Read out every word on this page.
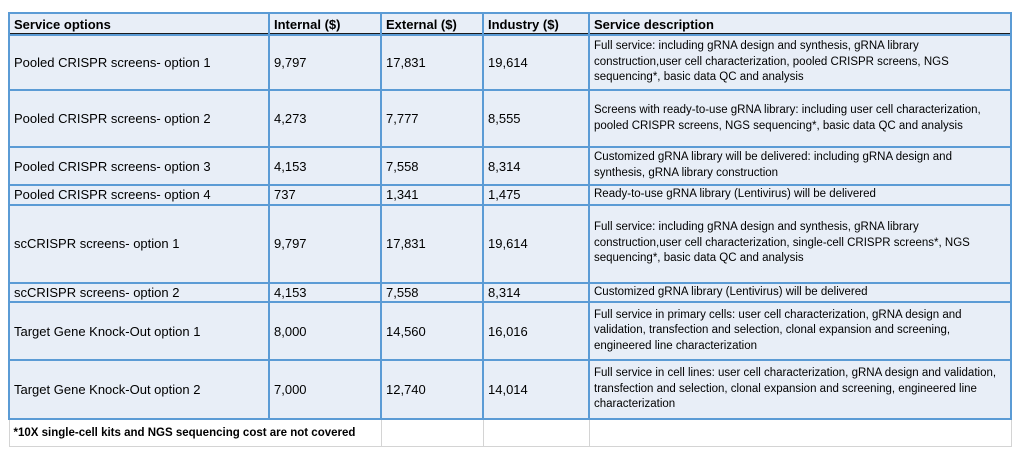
Service options	Internal ($)	External ($)	Industry ($)	Service description
Pooled CRISPR screens- option 1	9,797	17,831	19,614	Full service: including gRNA design and synthesis, gRNA library construction,user cell characterization, pooled CRISPR screens, NGS sequencing*, basic data QC and analysis
Pooled CRISPR screens- option 2	4,273	7,777	8,555	Screens with ready-to-use gRNA library: including user cell characterization, pooled CRISPR screens, NGS sequencing*, basic data QC and analysis
Pooled CRISPR screens- option 3	4,153	7,558	8,314	Customized gRNA library will be delivered: including gRNA design and synthesis, gRNA library construction
Pooled CRISPR screens- option 4	737	1,341	1,475	Ready-to-use gRNA library (Lentivirus) will be delivered
scCRISPR screens- option 1	9,797	17,831	19,614	Full service: including gRNA design and synthesis, gRNA library construction,user cell characterization, single-cell CRISPR screens*, NGS sequencing*, basic data QC and analysis
scCRISPR screens- option 2	4,153	7,558	8,314	Customized gRNA library (Lentivirus) will be delivered
Target Gene Knock-Out option 1	8,000	14,560	16,016	Full service in primary cells: user cell characterization, gRNA design and validation, transfection and selection, clonal expansion and screening, engineered line characterization
Target Gene Knock-Out option 2	7,000	12,740	14,014	Full service in cell lines: user cell characterization, gRNA design and validation, transfection and selection, clonal expansion and screening, engineered line characterization
*10X single-cell kits and NGS sequencing cost are not covered				
